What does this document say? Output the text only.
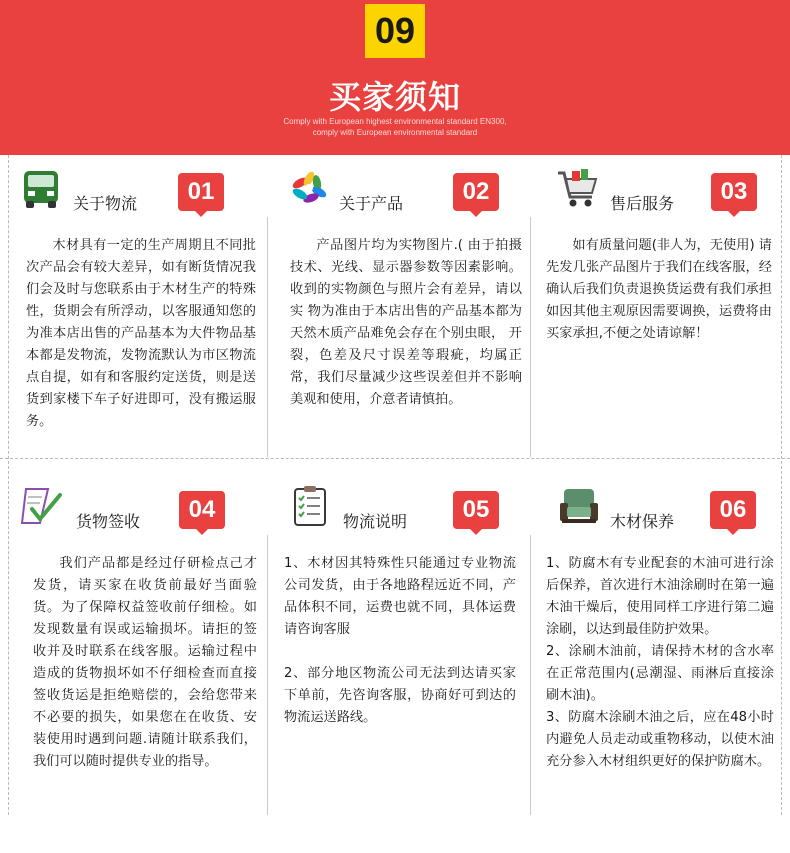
09
买家须知
Comply with European highest environmental standard EN300,
comply with European environmental standard
关于物流	01

木材具有一定的生产周期且不同批次产品会有较大差异，如有断货情况我们会及时与您联系由于木材生产的特殊性，货期会有所浮动，以客服通知您的为准本店出售的产品基本为大件物品基本都是发物流，发物流默认为市区物流点自提，如有和客服约定送货，则是送货到家楼下车子好进即可，没有搬运服务。

关于产品	02

产品图片均为实物图片.( 由于拍摄技术、光线、显示器参数等因素影响。收到的实物颜色与照片会有差异，请以实 物为准由于本店出售的产品基本都为天然木质产品难免会存在个别虫眼， 开裂，色差及尺寸误差等瑕疵，均属正常，我们尽量减少这些误差但并不影响美观和使用，介意者请慎拍。

售后服务	03

如有质量问题(非人为，无使用) 请先发几张产品图片于我们在线客服，经确认后我们负责退换货运费有我们承担如因其他主观原因需要调换，运费将由买家承担,不便之处请谅解！

货物签收	04

我们产品都是经过仔研检点己才发货，请买家在收货前最好当面验货。为了保障权益签收前仔细检。如发现数量有误或运输损坏。请拒的签收并及时联系在线客服。运输过程中造成的货物损坏如不仔细检查而直接签收货运是拒绝赔偿的，会给您带来不必要的损失，如果您在在收货、安装使用时遇到问题.请随计联系我们，我们可以随时提供专业的指导。

物流说明	05

1、木材因其特殊性只能通过专业物流公司发货，由于各地路程远近不同，产品体积不同，运费也就不同，具体运费请咨询客服

2、部分地区物流公司无法到达请买家下单前，先咨询客服，协商好可到达的物流运送路线。

木材保养	06

1、防腐木有专业配套的木油可进行涂后保养，首次进行木油涂刷时在第一遍木油干燥后，使用同样工序进行第二遍涂刷，以达到最佳防护效果。

2、涂刷木油前，请保持木材的含水率在正常范围内(忌潮湿、雨淋后直接涂刷木油)。

3、防腐木涂刷木油之后，应在48小时内避免人员走动或重物移动，以使木油充分参入木材组织更好的保护防腐木。
